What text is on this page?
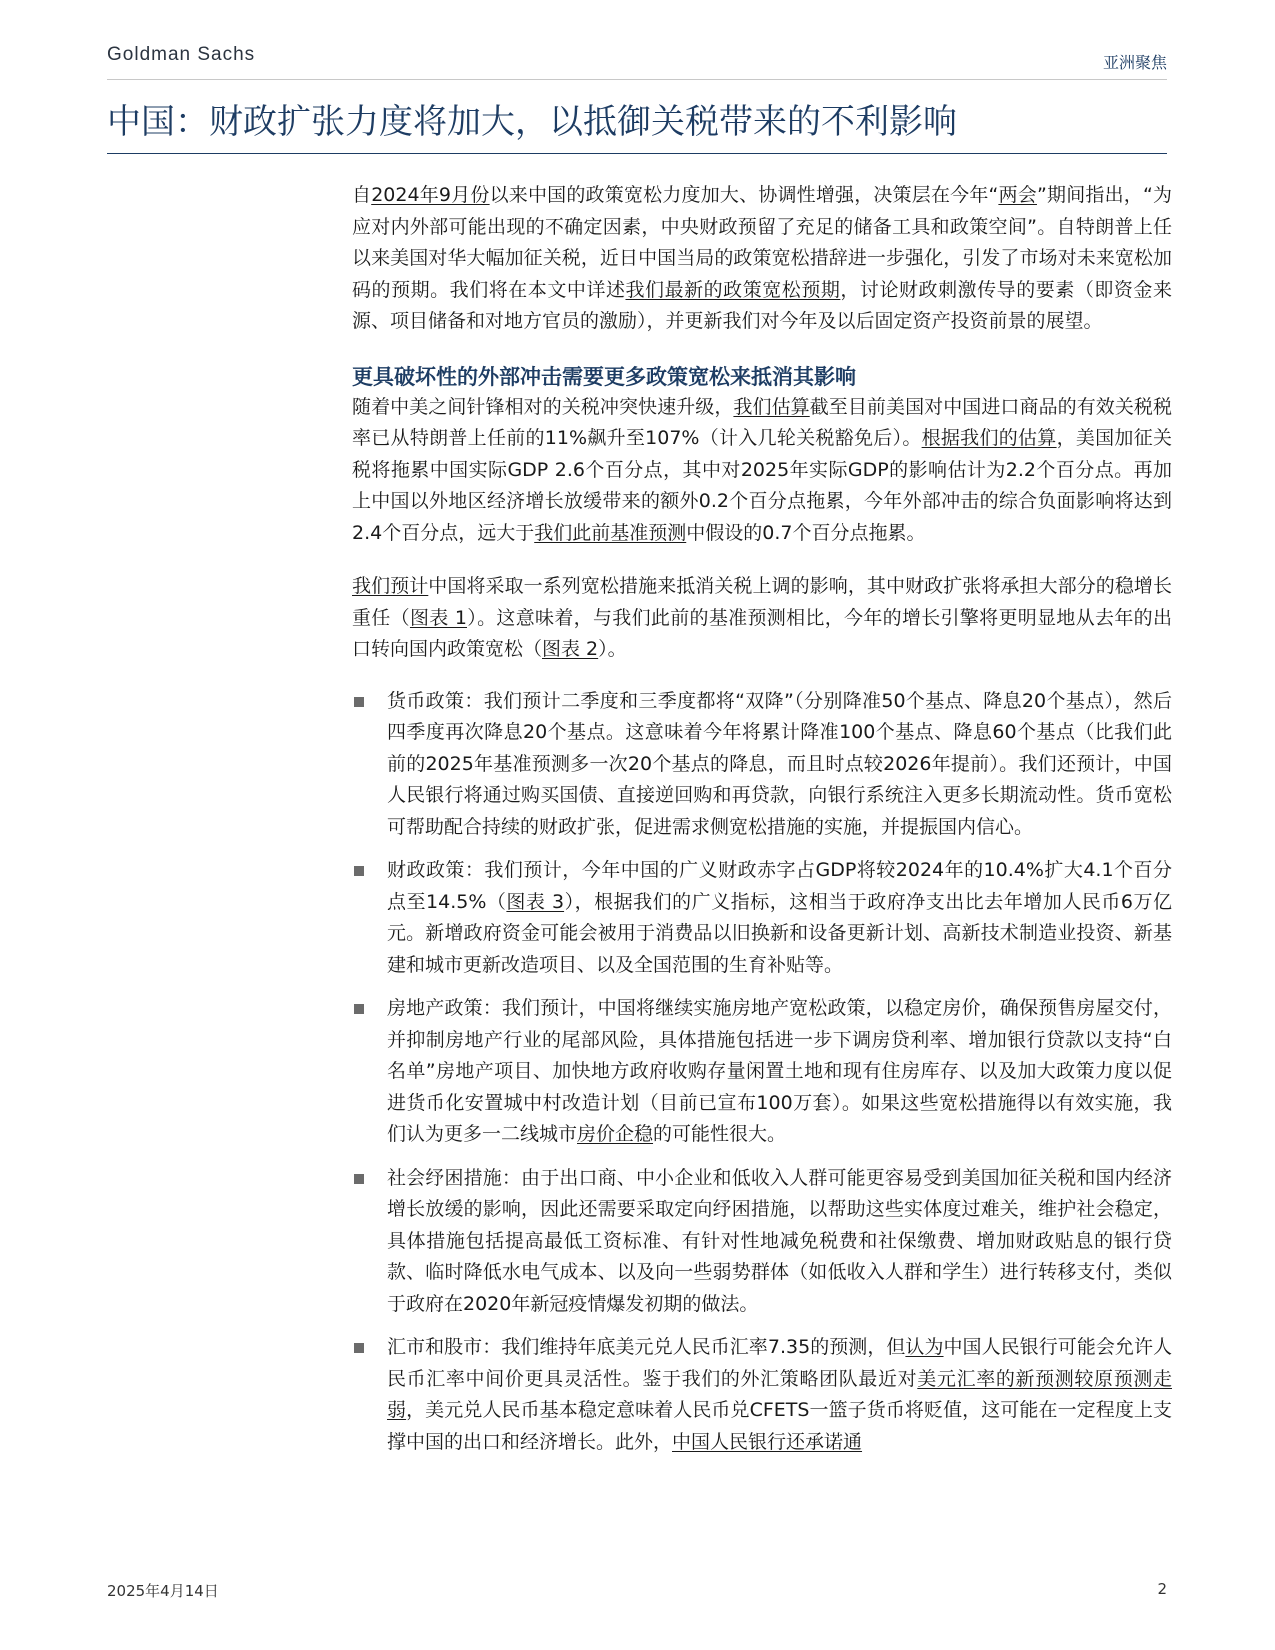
Goldman Sachs	亚洲聚焦
中国：财政扩张力度将加大，以抵御关税带来的不利影响

自2024年9月份以来中国的政策宽松力度加大、协调性增强，决策层在今年“两会”期间指出，“为应对内外部可能出现的不确定因素，中央财政预留了充足的储备工具和政策空间”。自特朗普上任以来美国对华大幅加征关税，近日中国当局的政策宽松措辞进一步强化，引发了市场对未来宽松加码的预期。我们将在本文中详述我们最新的政策宽松预期，讨论财政刺激传导的要素（即资金来源、项目储备和对地方官员的激励），并更新我们对今年及以后固定资产投资前景的展望。

更具破坏性的外部冲击需要更多政策宽松来抵消其影响

随着中美之间针锋相对的关税冲突快速升级，我们估算截至目前美国对中国进口商品的有效关税税率已从特朗普上任前的11%飙升至107%（计入几轮关税豁免后）。根据我们的估算，美国加征关税将拖累中国实际GDP 2.6个百分点，其中对2025年实际GDP的影响估计为2.2个百分点。再加上中国以外地区经济增长放缓带来的额外0.2个百分点拖累，今年外部冲击的综合负面影响将达到2.4个百分点，远大于我们此前基准预测中假设的0.7个百分点拖累。

我们预计中国将采取一系列宽松措施来抵消关税上调的影响，其中财政扩张将承担大部分的稳增长重任（图表 1）。这意味着，与我们此前的基准预测相比，今年的增长引擎将更明显地从去年的出口转向国内政策宽松（图表 2）。

货币政策：我们预计二季度和三季度都将“双降”（分别降准50个基点、降息20个基点），然后四季度再次降息20个基点。这意味着今年将累计降准100个基点、降息60个基点（比我们此前的2025年基准预测多一次20个基点的降息，而且时点较2026年提前）。我们还预计，中国人民银行将通过购买国债、直接逆回购和再贷款，向银行系统注入更多长期流动性。货币宽松可帮助配合持续的财政扩张，促进需求侧宽松措施的实施，并提振国内信心。
财政政策：我们预计，今年中国的广义财政赤字占GDP将较2024年的10.4%扩大4.1个百分点至14.5%（图表 3），根据我们的广义指标，这相当于政府净支出比去年增加人民币6万亿元。新增政府资金可能会被用于消费品以旧换新和设备更新计划、高新技术制造业投资、新基建和城市更新改造项目、以及全国范围的生育补贴等。
房地产政策：我们预计，中国将继续实施房地产宽松政策，以稳定房价，确保预售房屋交付，并抑制房地产行业的尾部风险，具体措施包括进一步下调房贷利率、增加银行贷款以支持“白名单”房地产项目、加快地方政府收购存量闲置土地和现有住房库存、以及加大政策力度以促进货币化安置城中村改造计划（目前已宣布100万套）。如果这些宽松措施得以有效实施，我们认为更多一二线城市房价企稳的可能性很大。
社会纾困措施：由于出口商、中小企业和低收入人群可能更容易受到美国加征关税和国内经济增长放缓的影响，因此还需要采取定向纾困措施，以帮助这些实体度过难关，维护社会稳定，具体措施包括提高最低工资标准、有针对性地减免税费和社保缴费、增加财政贴息的银行贷款、临时降低水电气成本、以及向一些弱势群体（如低收入人群和学生）进行转移支付，类似于政府在2020年新冠疫情爆发初期的做法。
汇市和股市：我们维持年底美元兑人民币汇率7.35的预测，但认为中国人民银行可能会允许人民币汇率中间价更具灵活性。鉴于我们的外汇策略团队最近对美元汇率的新预测较原预测走弱，美元兑人民币基本稳定意味着人民币兑CFETS一篮子货币将贬值，这可能在一定程度上支撑中国的出口和经济增长。此外，中国人民银行还承诺通
2025年4月14日	2
